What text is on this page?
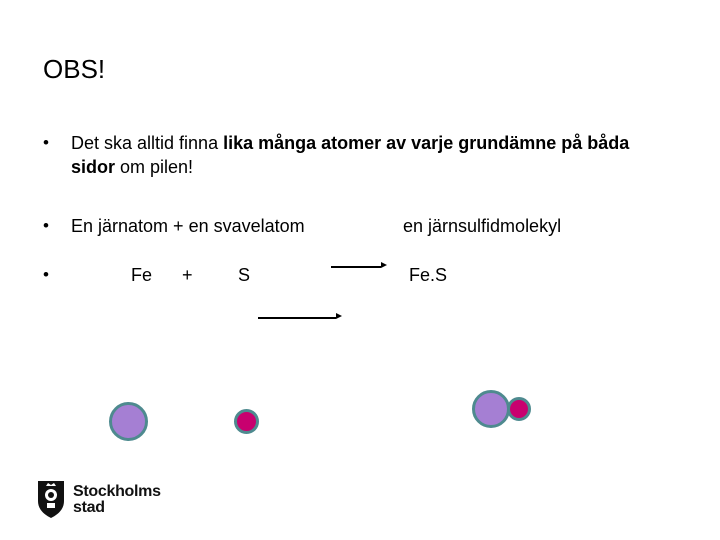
OBS!
• Det ska alltid finna lika många atomer av varje grundämne på båda sidor om pilen!
• En järnatom + en svavelatom	en järnsulfidmolekyl
•	Fe +	S	Fe.S
Stockholms
stad
